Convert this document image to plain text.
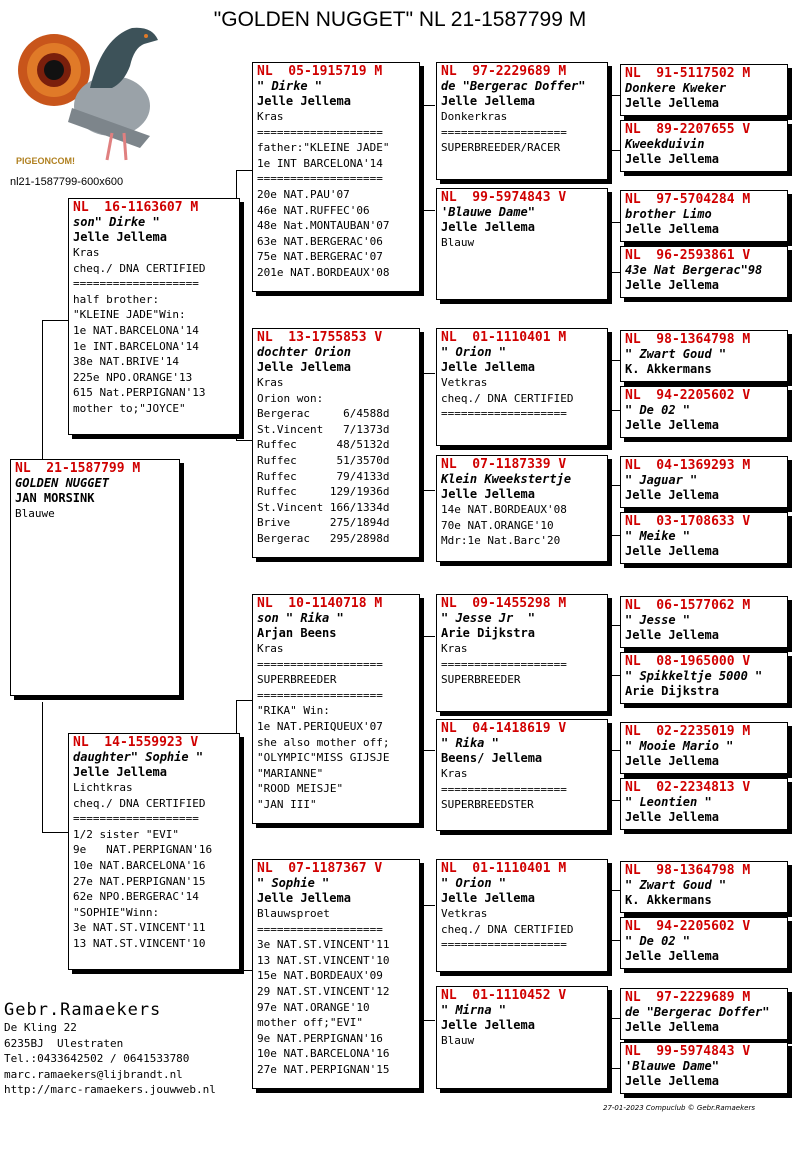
"GOLDEN NUGGET" NL 21-1587799 M
PIGEONCOM!
nl21-1587799-600x600
NL  21-1587799 M
GOLDEN NUGGET
JAN MORSINK
Blauwe
NL  16-1163607 M
son" Dirke "
Jelle Jellema
Kras
cheq./ DNA CERTIFIED
===================
half brother:
"KLEINE JADE"Win:
1e NAT.BARCELONA'14
1e INT.BARCELONA'14
38e NAT.BRIVE'14
225e NPO.ORANGE'13
615 Nat.PERPIGNAN'13
mother to;"JOYCE"
NL  14-1559923 V
daughter" Sophie "
Jelle Jellema
Lichtkras
cheq./ DNA CERTIFIED
===================
1/2 sister "EVI"
9e   NAT.PERPIGNAN'16
10e NAT.BARCELONA'16
27e NAT.PERPIGNAN'15
62e NPO.BERGERAC'14
"SOPHIE"Winn:
3e NAT.ST.VINCENT'11
13 NAT.ST.VINCENT'10
NL  05-1915719 M
" Dirke "
Jelle Jellema
Kras
===================
father:"KLEINE JADE"
1e INT BARCELONA'14
===================
20e NAT.PAU'07
46e NAT.RUFFEC'06
48e Nat.MONTAUBAN'07
63e NAT.BERGERAC'06
75e NAT.BERGERAC'07
201e NAT.BORDEAUX'08
NL  13-1755853 V
dochter Orion
Jelle Jellema
Kras
Orion won:
Bergerac     6/4588d
St.Vincent   7/1373d
Ruffec      48/5132d
Ruffec      51/3570d
Ruffec      79/4133d
Ruffec     129/1936d
St.Vincent 166/1334d
Brive      275/1894d
Bergerac   295/2898d
NL  10-1140718 M
son " Rika "
Arjan Beens
Kras
===================
SUPERBREEDER
===================
"RIKA" Win:
1e NAT.PERIQUEUX'07
she also mother off;
"OLYMPIC"MISS GIJSJE
"MARIANNE"
"ROOD MEISJE"
"JAN III"
NL  07-1187367 V
" Sophie "
Jelle Jellema
Blauwsproet
===================
3e NAT.ST.VINCENT'11
13 NAT.ST.VINCENT'10
15e NAT.BORDEAUX'09
29 NAT.ST.VINCENT'12
97e NAT.ORANGE'10
mother off;"EVI"
9e NAT.PERPIGNAN'16
10e NAT.BARCELONA'16
27e NAT.PERPIGNAN'15
NL  97-2229689 M
de "Bergerac Doffer"
Jelle Jellema
Donkerkras
===================
SUPERBREEDER/RACER
NL  99-5974843 V
'Blauwe Dame"
Jelle Jellema
Blauw
NL  01-1110401 M
" Orion "
Jelle Jellema
Vetkras
cheq./ DNA CERTIFIED
===================
NL  07-1187339 V
Klein Kweekstertje
Jelle Jellema
14e NAT.BORDEAUX'08
70e NAT.ORANGE'10
Mdr:1e Nat.Barc'20
NL  09-1455298 M
" Jesse Jr  "
Arie Dijkstra
Kras
===================
SUPERBREEDER
NL  04-1418619 V
" Rika "
Beens/ Jellema
Kras
===================
SUPERBREEDSTER
NL  01-1110401 M
" Orion "
Jelle Jellema
Vetkras
cheq./ DNA CERTIFIED
===================
NL  01-1110452 V
" Mirna "
Jelle Jellema
Blauw
NL  91-5117502 M
Donkere Kweker
Jelle Jellema
NL  89-2207655 V
Kweekduivin
Jelle Jellema
NL  97-5704284 M
brother Limo
Jelle Jellema
NL  96-2593861 V
43e Nat Bergerac"98
Jelle Jellema
NL  98-1364798 M
" Zwart Goud "
K. Akkermans
NL  94-2205602 V
" De 02 "
Jelle Jellema
NL  04-1369293 M
" Jaguar "
Jelle Jellema
NL  03-1708633 V
" Meike "
Jelle Jellema
NL  06-1577062 M
" Jesse "
Jelle Jellema
NL  08-1965000 V
" Spikkeltje 5000 "
Arie Dijkstra
NL  02-2235019 M
" Mooie Mario "
Jelle Jellema
NL  02-2234813 V
" Leontien "
Jelle Jellema
NL  98-1364798 M
" Zwart Goud "
K. Akkermans
NL  94-2205602 V
" De 02 "
Jelle Jellema
NL  97-2229689 M
de "Bergerac Doffer"
Jelle Jellema
NL  99-5974843 V
'Blauwe Dame"
Jelle Jellema
Gebr.Ramaekers
De Kling 22
6235BJ  Ulestraten
Tel.:0433642502 / 0641533780
marc.ramaekers@lijbrandt.nl
http://marc-ramaekers.jouwweb.nl
27-01-2023 Compuclub © Gebr.Ramaekers
